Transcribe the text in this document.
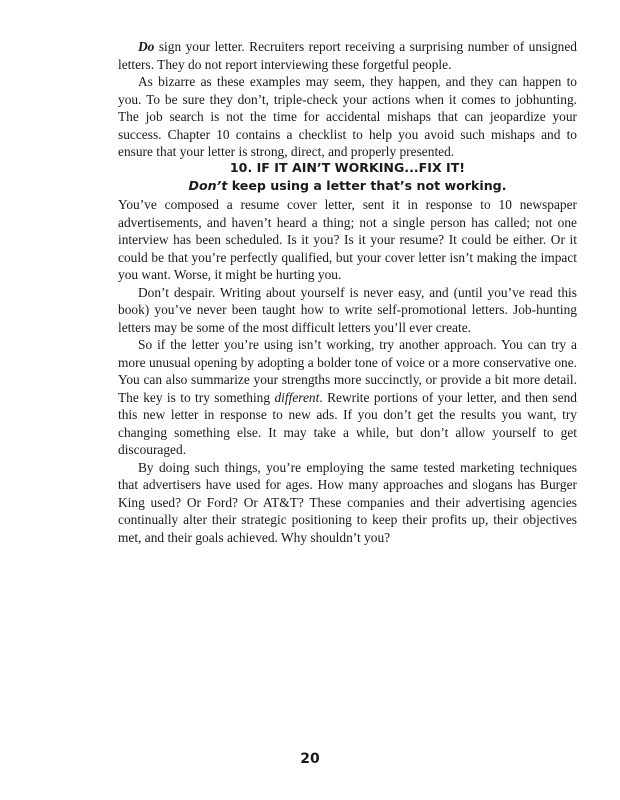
Do sign your letter. Recruiters report receiving a surprising number of unsigned letters. They do not report interviewing these forgetful people.

As bizarre as these examples may seem, they happen, and they can happen to you. To be sure they don’t, triple-check your actions when it comes to jobhunting. The job search is not the time for accidental mishaps that can jeopardize your success. Chapter 10 contains a checklist to help you avoid such mishaps and to ensure that your letter is strong, direct, and properly presented.

10. IF IT AIN’T WORKING...FIX IT!

Don’t keep using a letter that’s not working.

You’ve composed a resume cover letter, sent it in response to 10 newspaper advertisements, and haven’t heard a thing; not a single person has called; not one interview has been scheduled. Is it you? Is it your resume? It could be either. Or it could be that you’re perfectly qualified, but your cover letter isn’t making the impact you want. Worse, it might be hurting you.

Don’t despair. Writing about yourself is never easy, and (until you’ve read this book) you’ve never been taught how to write self-promotional letters. Job-hunting letters may be some of the most difficult letters you’ll ever create.

So if the letter you’re using isn’t working, try another approach. You can try a more unusual opening by adopting a bolder tone of voice or a more conservative one. You can also summarize your strengths more succinctly, or provide a bit more detail. The key is to try something different. Rewrite portions of your letter, and then send this new letter in response to new ads. If you don’t get the results you want, try changing something else. It may take a while, but don’t allow yourself to get discouraged.

By doing such things, you’re employing the same tested marketing techniques that advertisers have used for ages. How many approaches and slogans has Burger King used? Or Ford? Or AT&T? These companies and their advertising agencies continually alter their strategic positioning to keep their profits up, their objectives met, and their goals achieved. Why shouldn’t you?

20
